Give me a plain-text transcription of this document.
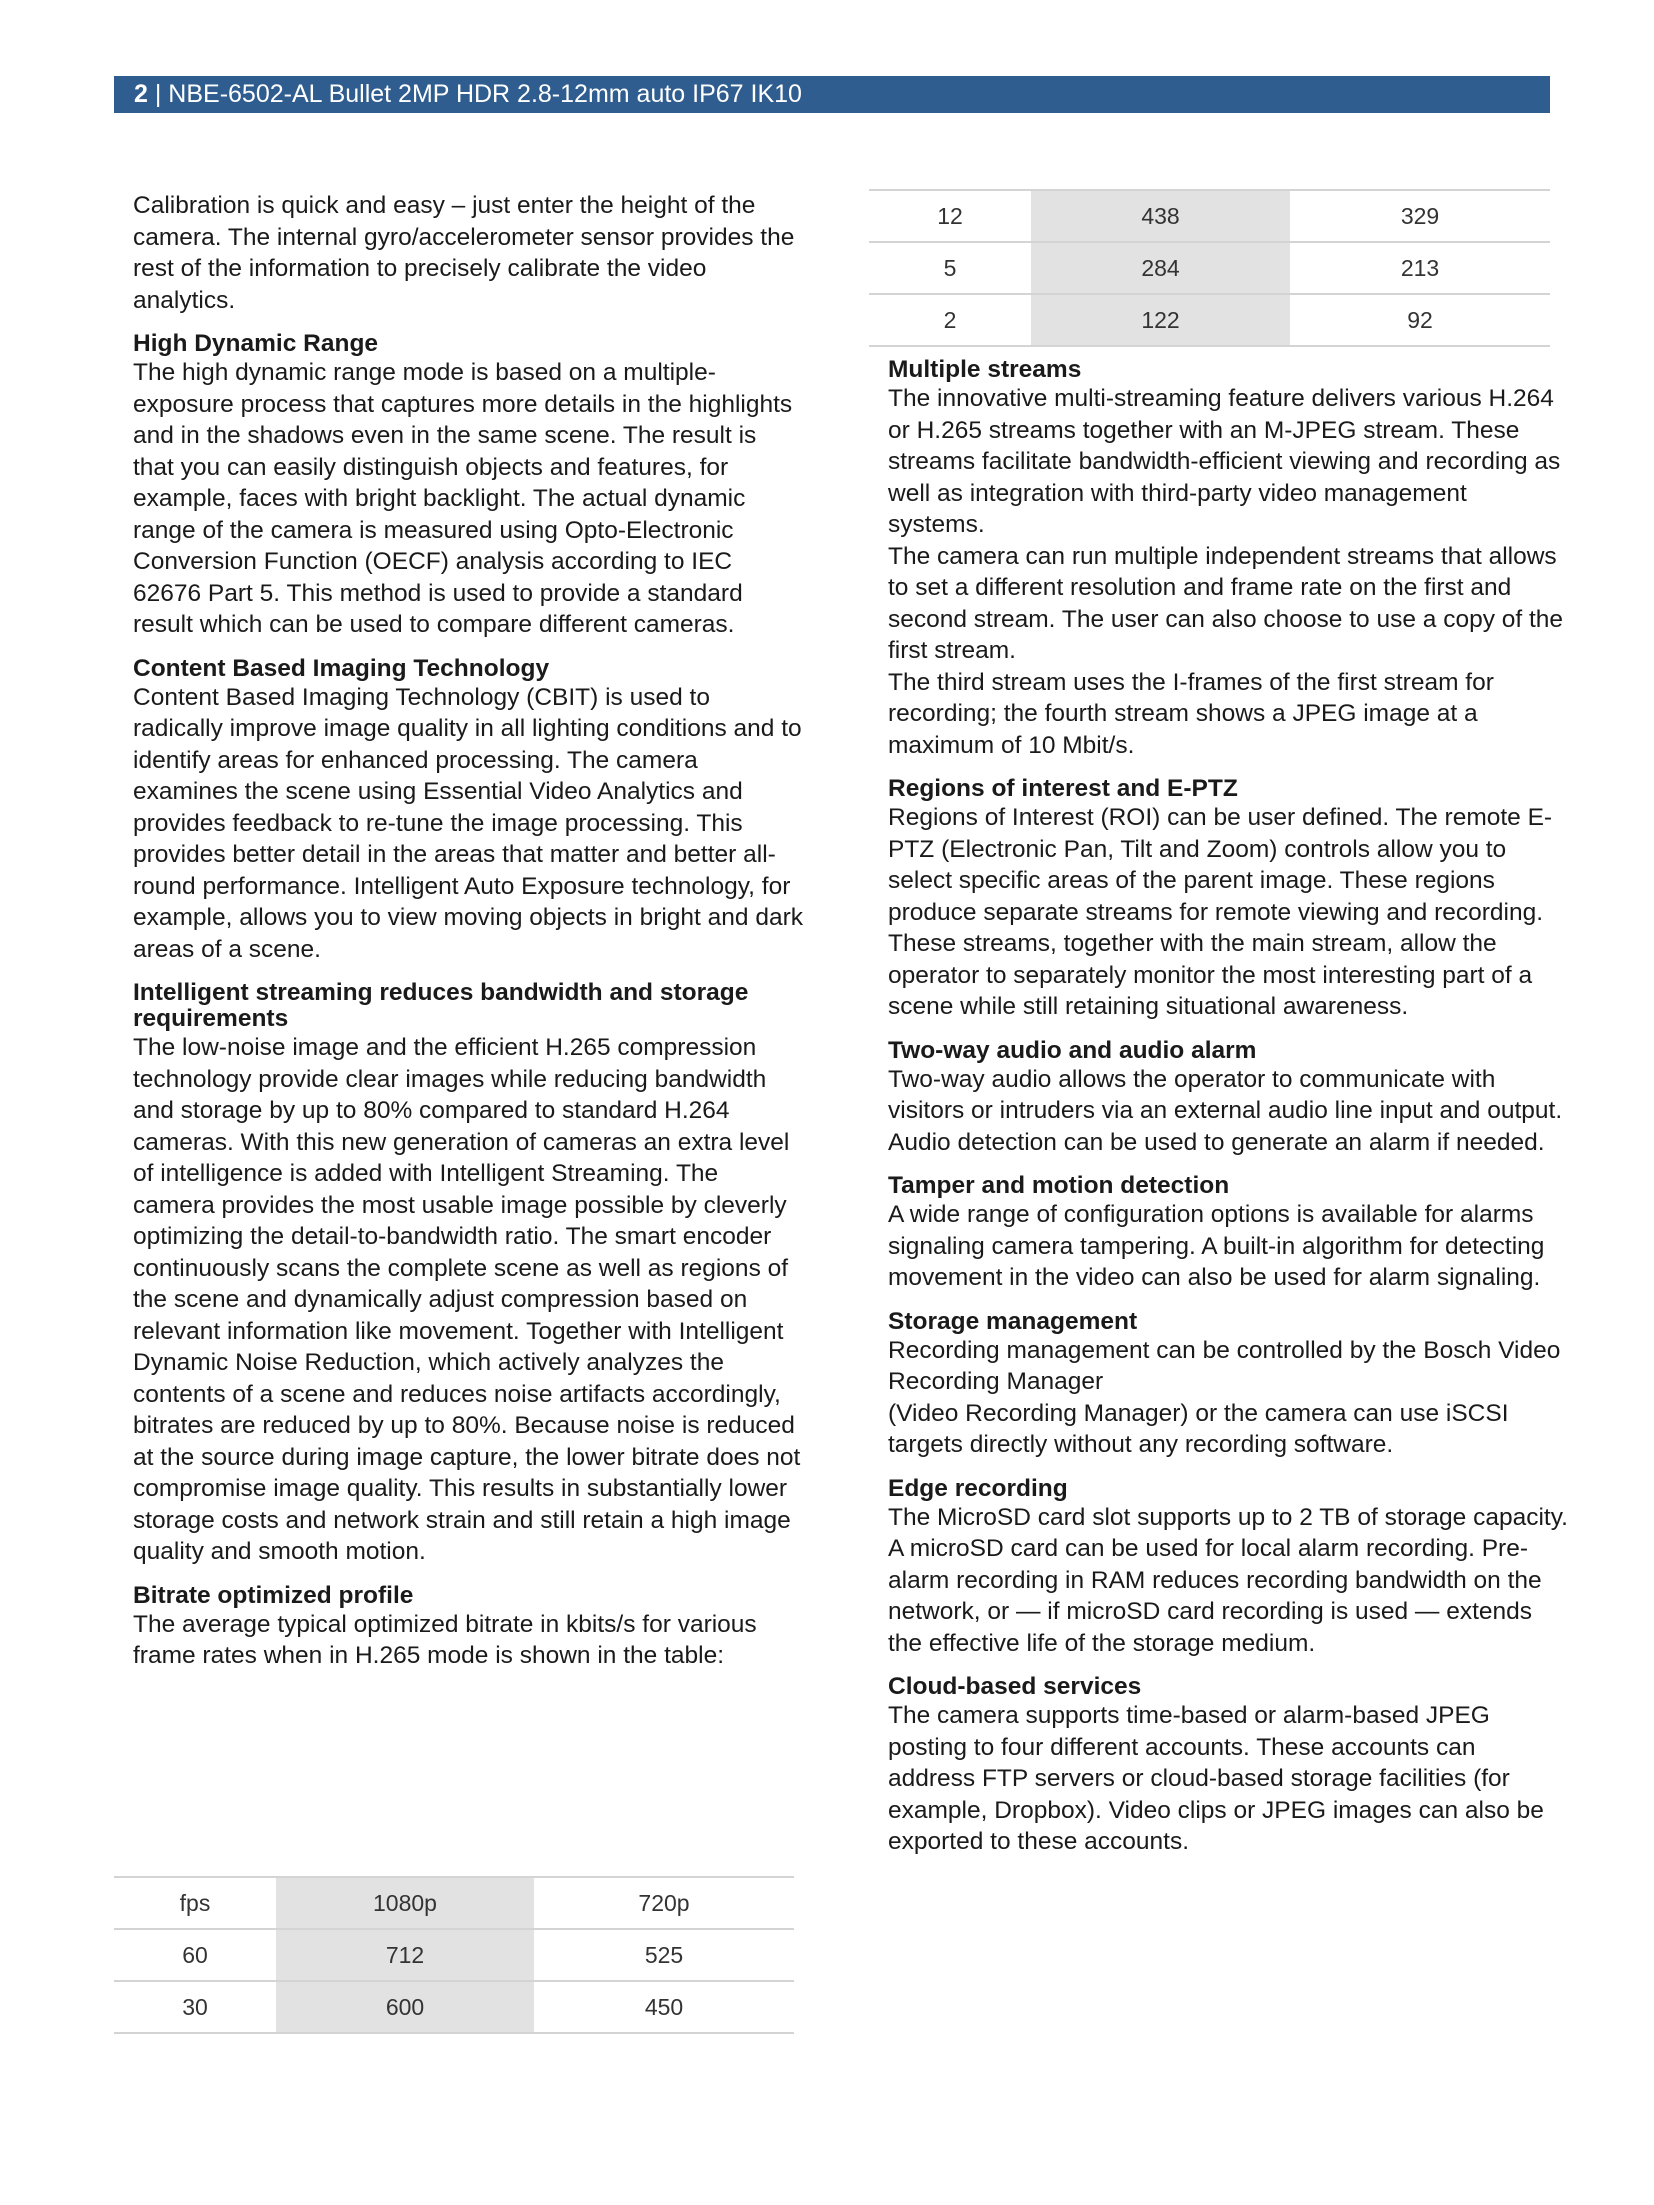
2 | NBE-6502-AL Bullet 2MP HDR 2.8-12mm auto IP67 IK10

Calibration is quick and easy – just enter the height of the camera. The internal gyro/accelerometer sensor provides the rest of the information to precisely calibrate the video analytics.

High Dynamic Range

The high dynamic range mode is based on a multiple-exposure process that captures more details in the highlights and in the shadows even in the same scene. The result is that you can easily distinguish objects and features, for example, faces with bright backlight. The actual dynamic range of the camera is measured using Opto-Electronic Conversion Function (OECF) analysis according to IEC 62676 Part 5. This method is used to provide a standard result which can be used to compare different cameras.

Content Based Imaging Technology

Content Based Imaging Technology (CBIT) is used to radically improve image quality in all lighting conditions and to identify areas for enhanced processing. The camera examines the scene using Essential Video Analytics and provides feedback to re-tune the image processing. This provides better detail in the areas that matter and better all-round performance. Intelligent Auto Exposure technology, for example, allows you to view moving objects in bright and dark areas of a scene.

Intelligent streaming reduces bandwidth and storage requirements

The low-noise image and the efficient H.265 compression technology provide clear images while reducing bandwidth and storage by up to 80% compared to standard H.264 cameras. With this new generation of cameras an extra level of intelligence is added with Intelligent Streaming. The camera provides the most usable image possible by cleverly optimizing the detail-to-bandwidth ratio. The smart encoder continuously scans the complete scene as well as regions of the scene and dynamically adjust compression based on relevant information like movement. Together with Intelligent Dynamic Noise Reduction, which actively analyzes the contents of a scene and reduces noise artifacts accordingly, bitrates are reduced by up to 80%. Because noise is reduced at the source during image capture, the lower bitrate does not compromise image quality. This results in substantially lower storage costs and network strain and still retain a high image quality and smooth motion.

Bitrate optimized profile

The average typical optimized bitrate in kbits/s for various frame rates when in H.265 mode is shown in the table:

fps	1080p	720p
60	712	525
30	600	450
12	438	329
5	284	213
2	122	92
Multiple streams

The innovative multi-streaming feature delivers various H.264 or H.265 streams together with an M-JPEG stream. These streams facilitate bandwidth-efficient viewing and recording as well as integration with third-party video management systems.
The camera can run multiple independent streams that allows to set a different resolution and frame rate on the first and second stream. The user can also choose to use a copy of the first stream.
The third stream uses the I-frames of the first stream for recording; the fourth stream shows a JPEG image at a maximum of 10 Mbit/s.

Regions of interest and E-PTZ

Regions of Interest (ROI) can be user defined. The remote E-PTZ (Electronic Pan, Tilt and Zoom) controls allow you to select specific areas of the parent image. These regions produce separate streams for remote viewing and recording. These streams, together with the main stream, allow the operator to separately monitor the most interesting part of a scene while still retaining situational awareness.

Two-way audio and audio alarm

Two-way audio allows the operator to communicate with visitors or intruders via an external audio line input and output. Audio detection can be used to generate an alarm if needed.

Tamper and motion detection

A wide range of configuration options is available for alarms signaling camera tampering. A built-in algorithm for detecting movement in the video can also be used for alarm signaling.

Storage management

Recording management can be controlled by the Bosch Video Recording Manager
(Video Recording Manager) or the camera can use iSCSI targets directly without any recording software.

Edge recording

The MicroSD card slot supports up to 2 TB of storage capacity. A microSD card can be used for local alarm recording. Pre-alarm recording in RAM reduces recording bandwidth on the network, or — if microSD card recording is used — extends the effective life of the storage medium.

Cloud-based services

The camera supports time-based or alarm-based JPEG posting to four different accounts. These accounts can address FTP servers or cloud-based storage facilities (for example, Dropbox). Video clips or JPEG images can also be exported to these accounts.
